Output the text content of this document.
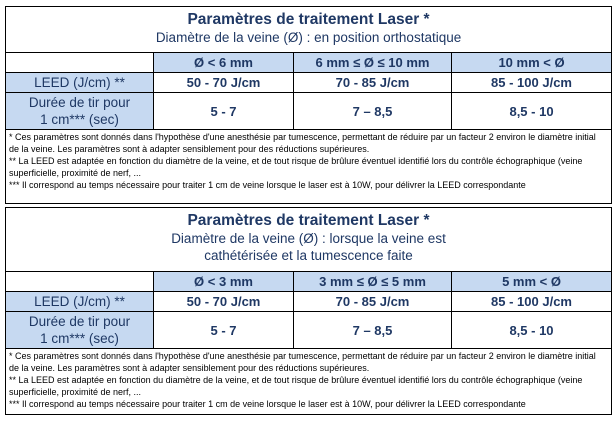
Paramètres de traitement Laser *
Diamètre de la veine (Ø) : en position orthostatique			

	Ø < 6 mm	6 mm ≤ Ø ≤ 10 mm	10 mm < Ø
LEED (J/cm) **	50 - 70 J/cm	70 - 85 J/cm	85 - 100 J/cm

Durée de tir pour
1 cm*** (sec)	5 - 7	7 – 8,5	8,5 - 10

* Ces paramètres sont donnés dans l'hypothèse d'une anesthésie par tumescence, permettant de réduire par un facteur 2 environ le diamètre initial de la veine. Les paramètres sont à adapter sensiblement pour des réductions supérieures.
** La LEED est adaptée en fonction du diamètre de la veine, et de tout risque de brûlure éventuel identifié lors du contrôle échographique (veine superficielle, proximité de nerf, ...
*** Il correspond au temps nécessaire pour traiter 1 cm de veine lorsque le laser est à 10W, pour délivrer la LEED correspondante			
Paramètres de traitement Laser *
Diamètre de la veine (Ø) : lorsque la veine est
cathétérisée et la tumescence faite			

	Ø < 3 mm	3 mm ≤ Ø ≤ 5 mm	5 mm < Ø
LEED (J/cm) **	50 - 70 J/cm	70 - 85 J/cm	85 - 100 J/cm

Durée de tir pour
1 cm*** (sec)	5 - 7	7 – 8,5	8,5 - 10

* Ces paramètres sont donnés dans l'hypothèse d'une anesthésie par tumescence, permettant de réduire par un facteur 2 environ le diamètre initial de la veine. Les paramètres sont à adapter sensiblement pour des réductions supérieures.
** La LEED est adaptée en fonction du diamètre de la veine, et de tout risque de brûlure éventuel identifié lors du contrôle échographique (veine superficielle, proximité de nerf, ...
*** Il correspond au temps nécessaire pour traiter 1 cm de veine lorsque le laser est à 10W, pour délivrer la LEED correspondante			
